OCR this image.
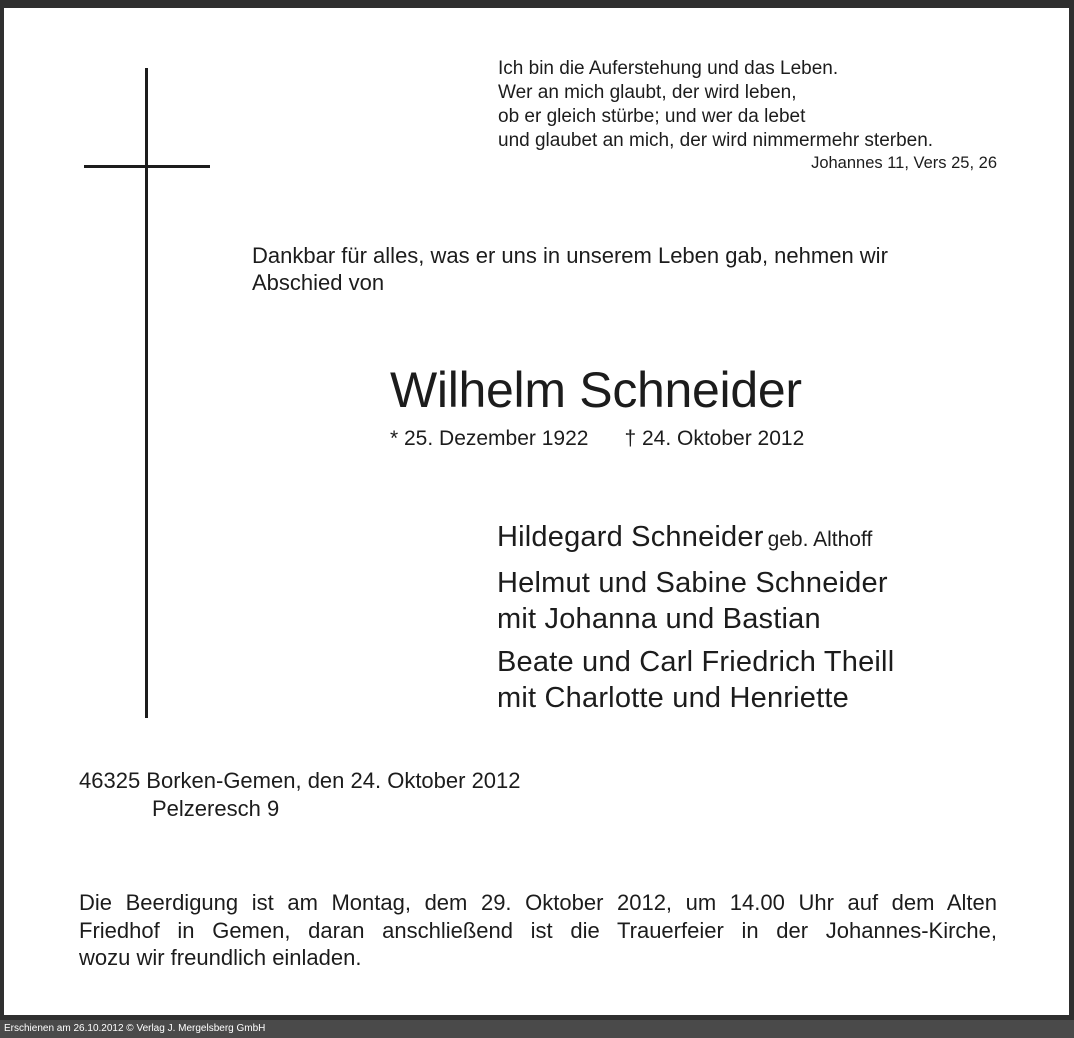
Ich bin die Auferstehung und das Leben.
Wer an mich glaubt, der wird leben,
ob er gleich stürbe; und wer da lebet
und glaubet an mich, der wird nimmermehr sterben.
Johannes 11, Vers 25, 26
Dankbar für alles, was er uns in unserem Leben gab, nehmen wir
Abschied von
Wilhelm Schneider
* 25. Dezember 1922 † 24. Oktober 2012
Hildegard Schneider geb. Althoff
Helmut und Sabine Schneider
mit Johanna und Bastian
Beate und Carl Friedrich Theill
mit Charlotte und Henriette
46325 Borken-Gemen, den 24. Oktober 2012
Pelzeresch 9
Die Beerdigung ist am Montag, dem 29. Oktober 2012, um 14.00 Uhr auf dem Alten
Friedhof in Gemen, daran anschließend ist die Trauerfeier in der Johannes-Kirche,
wozu wir freundlich einladen.
Erschienen am 26.10.2012 © Verlag J. Mergelsberg GmbH
